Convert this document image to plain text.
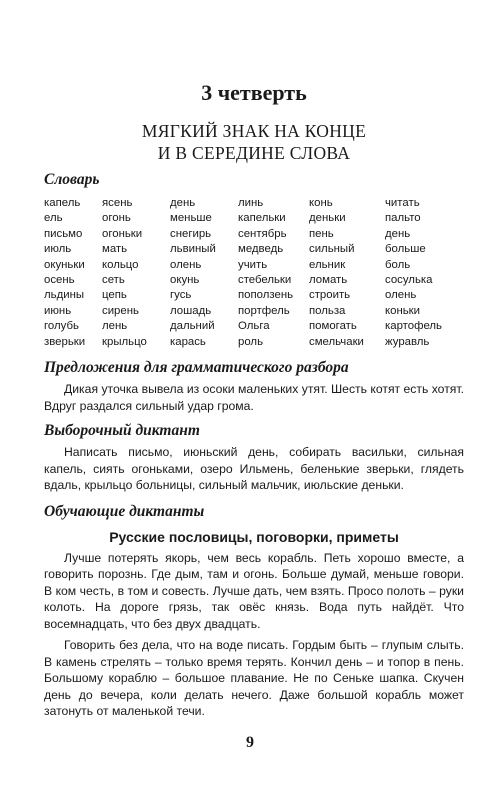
3 четверть
МЯГКИЙ ЗНАК НА КОНЦЕ
И В СЕРЕДИНЕ СЛОВА
Словарь
капель	ясень	день	линь	конь	читать
ель	огонь	меньше	капельки	деньки	пальто
письмо	огоньки	снегирь	сентябрь	пень	день
июль	мать	львиный	медведь	сильный	больше
окуньки	кольцо	олень	учить	ельник	боль
осень	сеть	окунь	стебельки	ломать	сосулька
льдины	цепь	гусь	поползень	строить	олень
июнь	сирень	лошадь	портфель	польза	коньки
голубь	лень	дальний	Ольга	помогать	картофель
зверьки	крыльцо	карась	роль	смельчаки	журавль
Предложения для грамматического разбора

Дикая уточка вывела из осоки маленьких утят. Шесть котят есть хотят. Вдруг раздался сильный удар грома.

Выборочный диктант

Написать письмо, июньский день, собирать васильки, сильная капель, сиять огоньками, озеро Ильмень, беленькие зверьки, глядеть вдаль, крыльцо больницы, сильный мальчик, июльские деньки.

Обучающие диктанты
Русские пословицы, поговорки, приметы

Лучше потерять якорь, чем весь корабль. Петь хорошо вместе, а говорить порознь. Где дым, там и огонь. Больше думай, меньше говори. В ком честь, в том и совесть. Лучше дать, чем взять. Просо полоть – руки колоть. На дороге грязь, так овёс князь. Вода путь найдёт. Что восемнадцать, что без двух двадцать.

Говорить без дела, что на воде писать. Гордым быть – глупым слыть. В камень стрелять – только время терять. Кончил день – и топор в пень. Большому кораблю – большое плавание. Не по Сеньке шапка. Скучен день до вечера, коли делать нечего. Даже большой корабль может затонуть от маленькой течи.

9
